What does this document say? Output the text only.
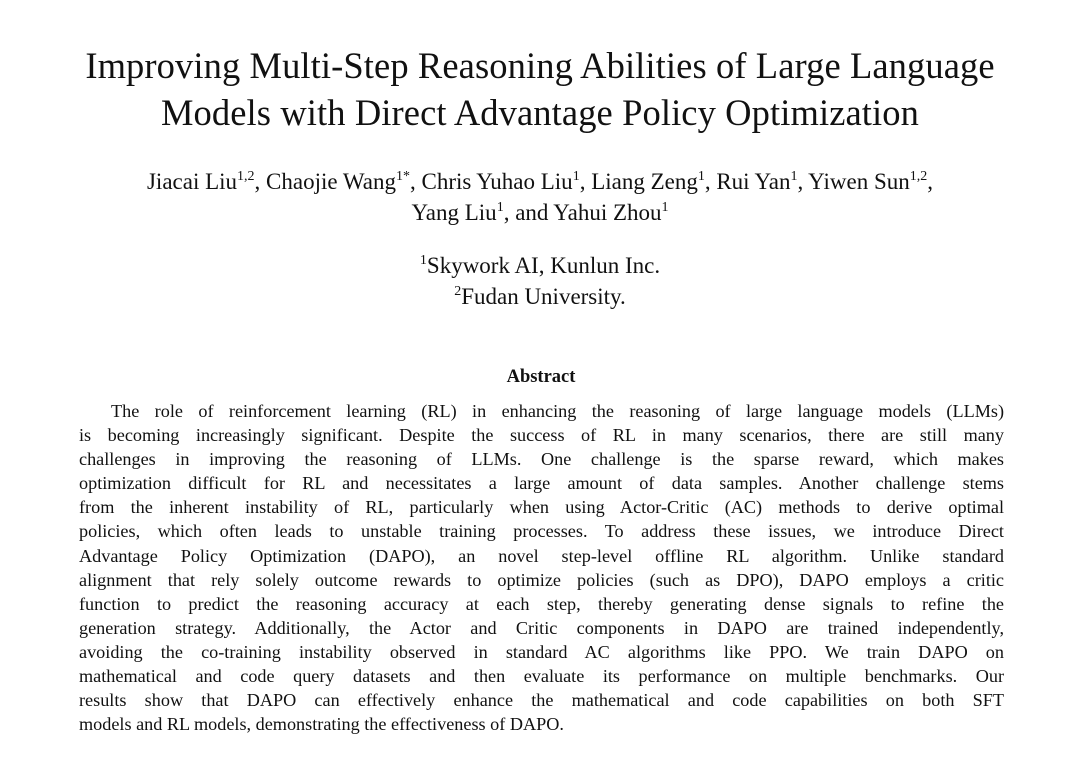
Improving Multi-Step Reasoning Abilities of Large Language
Models with Direct Advantage Policy Optimization
Jiacai Liu$^{1,2}$, Chaojie Wang$^{1*}$, Chris Yuhao Liu$^1$, Liang Zeng$^1$, Rui Yan$^1$, Yiwen Sun$^{1,2}$,
Yang Liu$^1$, and Yahui Zhou$^1$
$^1$Skywork AI, Kunlun Inc.
$^2$Fudan University.
Abstract
The role of reinforcement learning (RL) in enhancing the reasoning of large language models (LLMs)
is becoming increasingly significant. Despite the success of RL in many scenarios, there are still many
challenges in improving the reasoning of LLMs. One challenge is the sparse reward, which makes
optimization difficult for RL and necessitates a large amount of data samples. Another challenge stems
from the inherent instability of RL, particularly when using Actor-Critic (AC) methods to derive optimal
policies, which often leads to unstable training processes. To address these issues, we introduce Direct
Advantage Policy Optimization (DAPO), an novel step-level offline RL algorithm. Unlike standard
alignment that rely solely outcome rewards to optimize policies (such as DPO), DAPO employs a critic
function to predict the reasoning accuracy at each step, thereby generating dense signals to refine the
generation strategy. Additionally, the Actor and Critic components in DAPO are trained independently,
avoiding the co-training instability observed in standard AC algorithms like PPO. We train DAPO on
mathematical and code query datasets and then evaluate its performance on multiple benchmarks. Our
results show that DAPO can effectively enhance the mathematical and code capabilities on both SFT
models and RL models, demonstrating the effectiveness of DAPO.
